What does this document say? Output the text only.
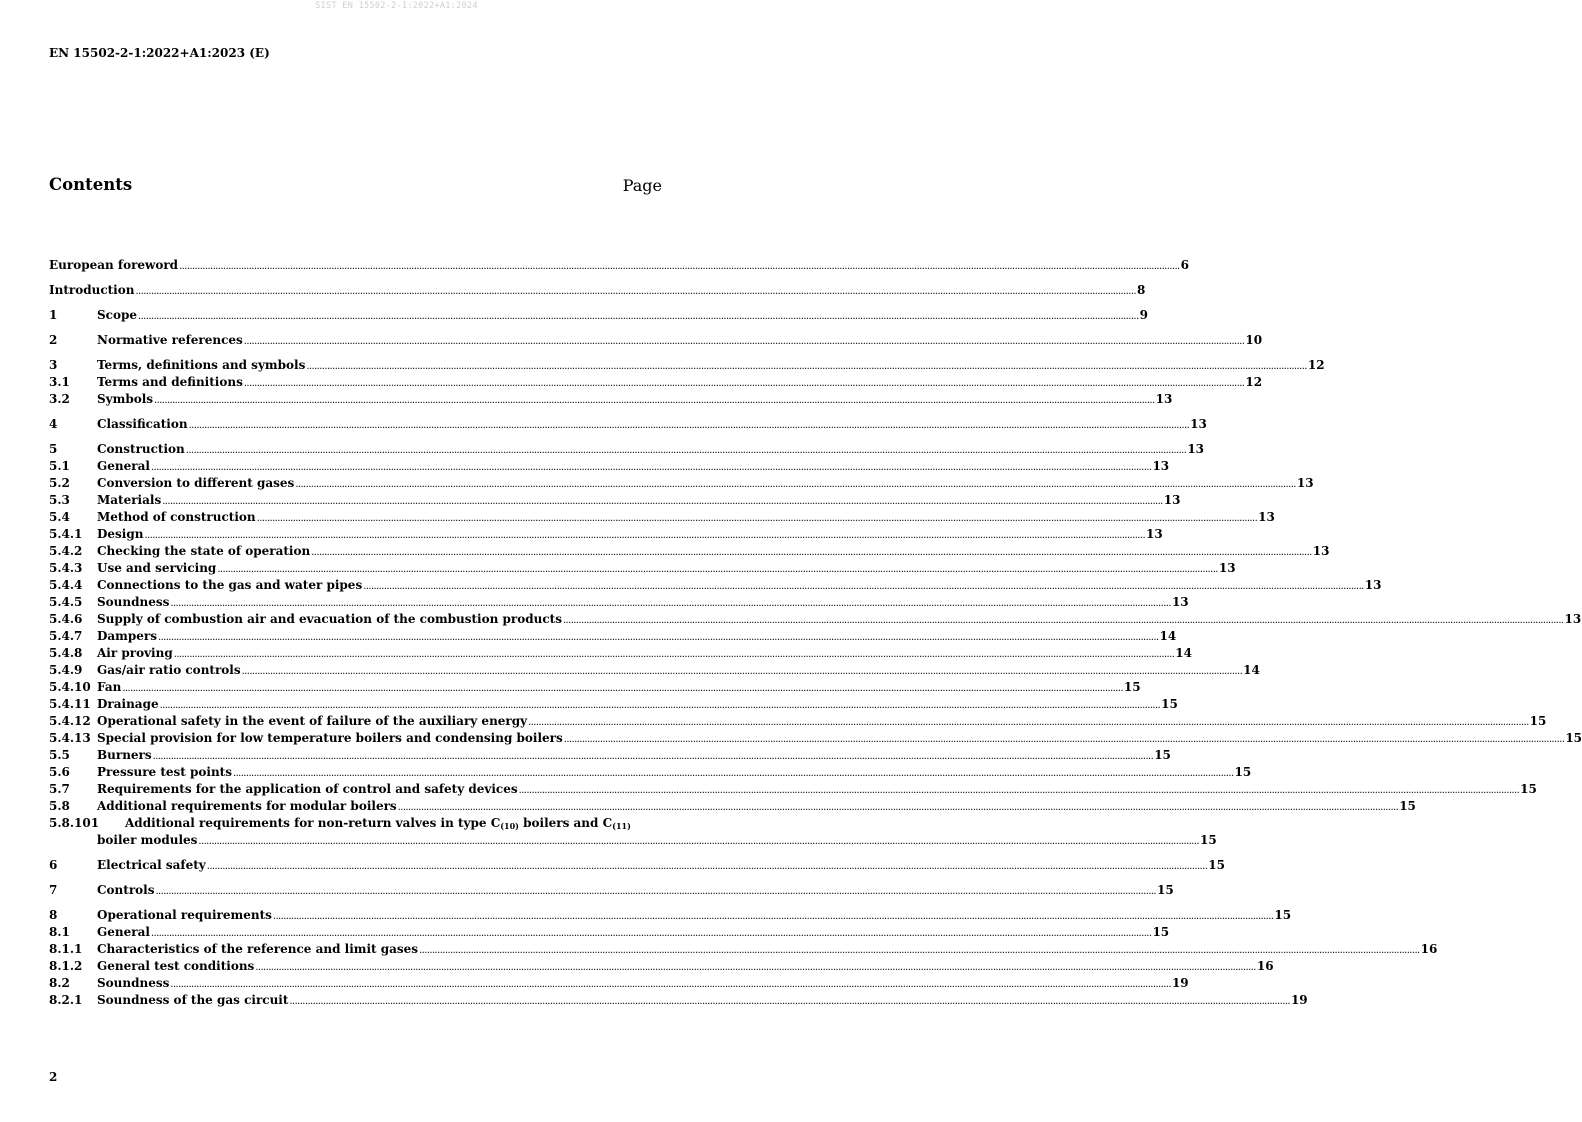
SIST EN 15502-2-1:2022+A1:2024
EN 15502-2-1:2022+A1:2023 (E)
Contents	Page
European foreword .....	6
Introduction .....	8
1	Scope .....	9
2	Normative references .....	10
3	Terms, definitions and symbols .....	12
3.1	Terms and definitions .....	12
3.2	Symbols .....	13
4	Classification .....	13
5	Construction .....	13
5.1	General .....	13
5.2	Conversion to different gases .....	13
5.3	Materials .....	13
5.4	Method of construction .....	13
5.4.1	Design .....	13
5.4.2	Checking the state of operation .....	13
5.4.3	Use and servicing .....	13
5.4.4	Connections to the gas and water pipes .....	13
5.4.5	Soundness .....	13
5.4.6	Supply of combustion air and evacuation of the combustion products .....	13
5.4.7	Dampers .....	14
5.4.8	Air proving .....	14
5.4.9	Gas/air ratio controls .....	14
5.4.10 Fan .....	15
5.4.11 Drainage .....	15
5.4.12 Operational safety in the event of failure of the auxiliary energy .....	15
5.4.13 Special provision for low temperature boilers and condensing boilers .....	15
5.5	Burners .....	15
5.6	Pressure test points .....	15
5.7	Requirements for the application of control and safety devices .....	15
5.8	Additional requirements for modular boilers .....	15
5.8.101	Additional requirements for non-return valves in type $C_{(10)}$ boilers and $C_{(11)}$
boiler modules .....	15
6	Electrical safety .....	15
7	Controls .....	15
8	Operational requirements .....	15
8.1	General .....	15
8.1.1	Characteristics of the reference and limit gases .....	16
8.1.2	General test conditions .....	16
8.2	Soundness .....	19
8.2.1	Soundness of the gas circuit .....	19
2
